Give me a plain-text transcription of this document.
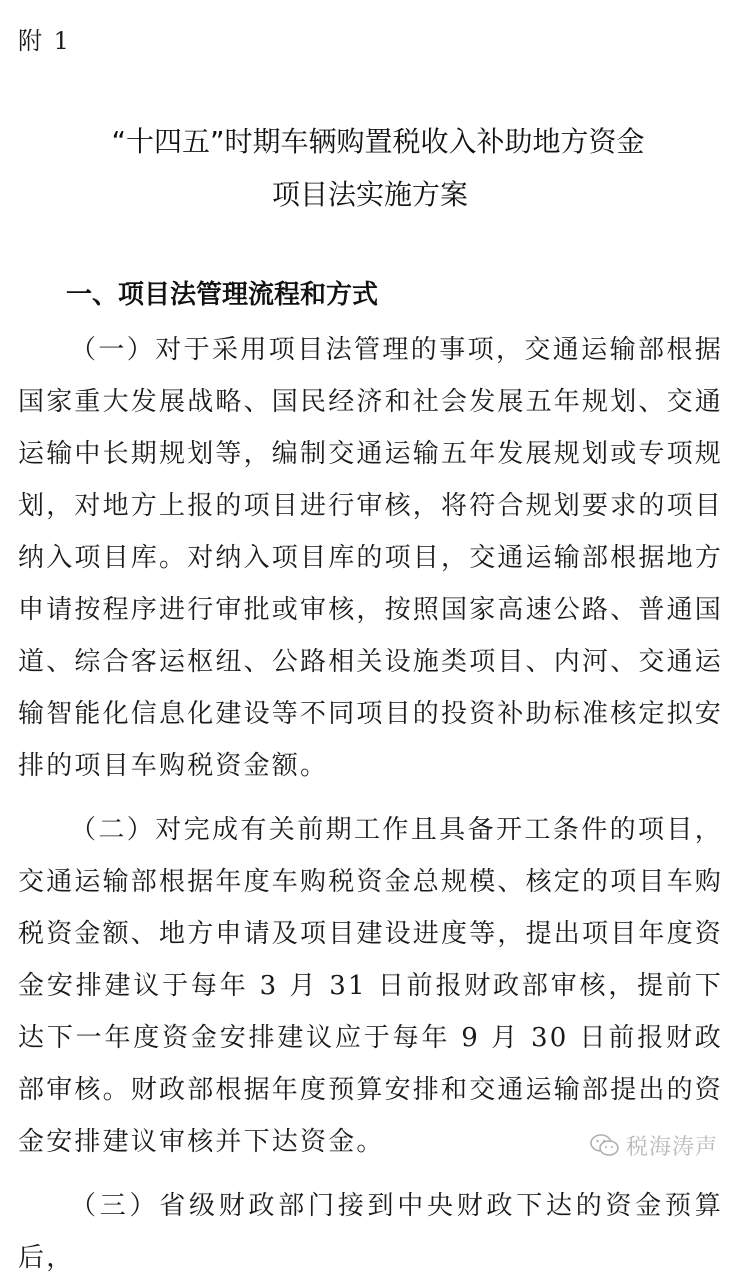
附 1
“十四五”时期车辆购置税收入补助地方资金
项目法实施方案
一、项目法管理流程和方式

（一）对于采用项目法管理的事项，交通运输部根据国家重大发展战略、国民经济和社会发展五年规划、交通运输中长期规划等，编制交通运输五年发展规划或专项规划，对地方上报的项目进行审核，将符合规划要求的项目纳入项目库。对纳入项目库的项目，交通运输部根据地方申请按程序进行审批或审核，按照国家高速公路、普通国道、综合客运枢纽、公路相关设施类项目、内河、交通运输智能化信息化建设等不同项目的投资补助标准核定拟安排的项目车购税资金额。

（二）对完成有关前期工作且具备开工条件的项目，交通运输部根据年度车购税资金总规模、核定的项目车购税资金额、地方申请及项目建设进度等，提出项目年度资金安排建议于每年 3 月 31 日前报财政部审核，提前下达下一年度资金安排建议应于每年 9 月 30 日前报财政部审核。财政部根据年度预算安排和交通运输部提出的资金安排建议审核并下达资金。

（三）省级财政部门接到中央财政下达的资金预算后，

税海涛声
